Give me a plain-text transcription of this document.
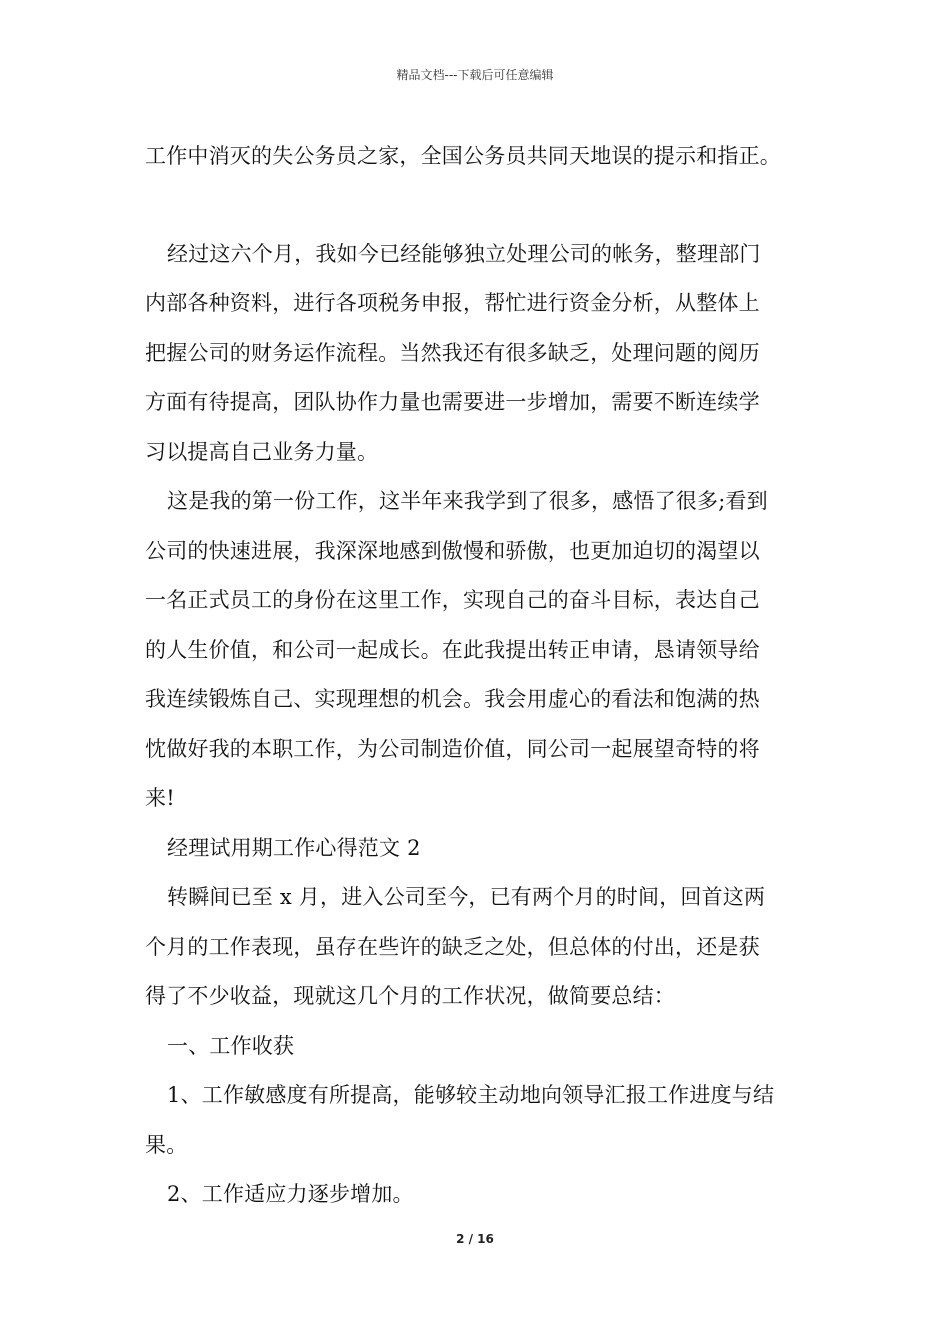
精品文档---下载后可任意编辑

工作中消灭的失公务员之家，全国公务员共同天地误的提示和指正。

经过这六个月，我如今已经能够独立处理公司的帐务，整理部门

内部各种资料，进行各项税务申报，帮忙进行资金分析，从整体上

把握公司的财务运作流程。当然我还有很多缺乏，处理问题的阅历

方面有待提高，团队协作力量也需要进一步增加，需要不断连续学

习以提高自己业务力量。

这是我的第一份工作，这半年来我学到了很多，感悟了很多;看到

公司的快速进展，我深深地感到傲慢和骄傲，也更加迫切的渴望以

一名正式员工的身份在这里工作，实现自己的奋斗目标，表达自己

的人生价值，和公司一起成长。在此我提出转正申请，恳请领导给

我连续锻炼自己、实现理想的机会。我会用虚心的看法和饱满的热

忱做好我的本职工作，为公司制造价值，同公司一起展望奇特的将

来!

经理试用期工作心得范文 2

转瞬间已至 x 月，进入公司至今，已有两个月的时间，回首这两

个月的工作表现，虽存在些许的缺乏之处，但总体的付出，还是获

得了不少收益，现就这几个月的工作状况，做简要总结：

一、工作收获

1、工作敏感度有所提高，能够较主动地向领导汇报工作进度与结

果。

2、工作适应力逐步增加。

2 / 16
